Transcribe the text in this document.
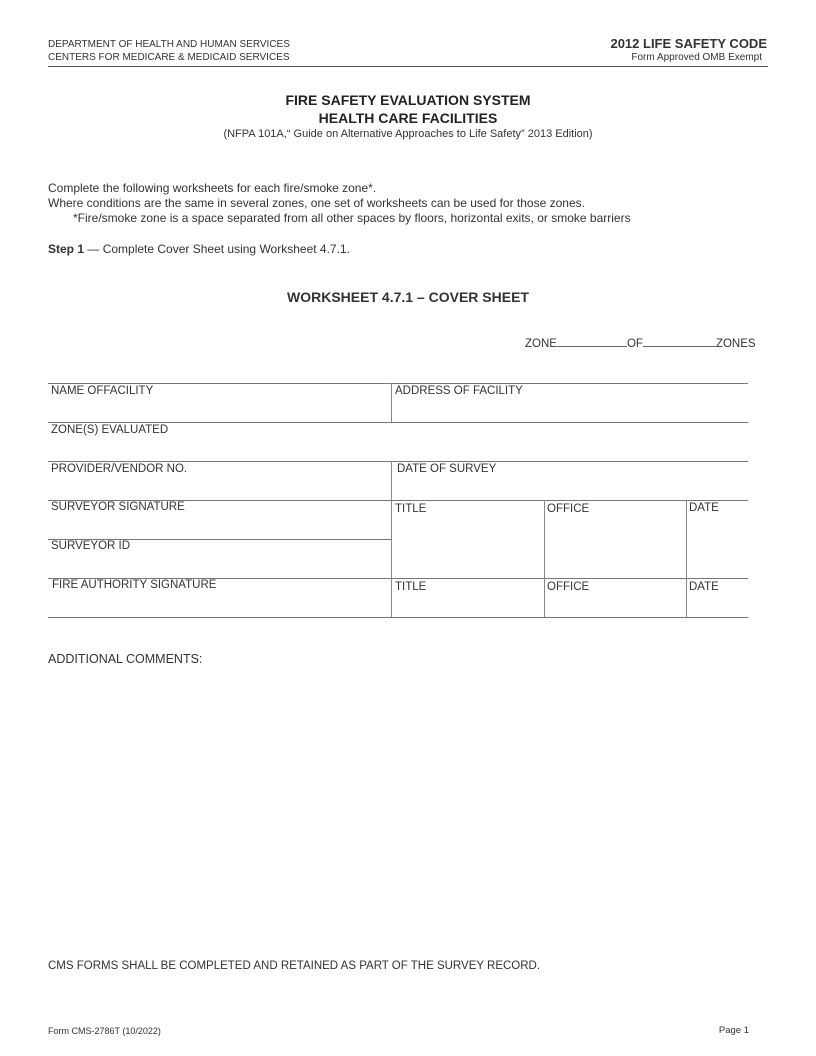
DEPARTMENT OF HEALTH AND HUMAN SERVICES
CENTERS FOR MEDICARE & MEDICAID SERVICES
2012 LIFE SAFETY CODE
Form Approved OMB Exempt
FIRE SAFETY EVALUATION SYSTEM
HEALTH CARE FACILITIES
(NFPA 101A,“ Guide on Alternative Approaches to Life Safety” 2013 Edition)
Complete the following worksheets for each fire/smoke zone*.
Where conditions are the same in several zones, one set of worksheets can be used for those zones.
*Fire/smoke zone is a space separated from all other spaces by floors, horizontal exits, or smoke barriers
Step 1 — Complete Cover Sheet using Worksheet 4.7.1.
WORKSHEET 4.7.1 – COVER SHEET
ZONE	OF	ZONES
NAME OFFACILITY	ADDRESS OF FACILITY
ZONE(S) EVALUATED
PROVIDER/VENDOR NO.	DATE OF SURVEY
SURVEYOR SIGNATURE	TITLE	OFFICE	DATE
SURVEYOR ID
FIRE AUTHORITY SIGNATURE	TITLE	OFFICE	DATE
ADDITIONAL COMMENTS:
CMS FORMS SHALL BE COMPLETED AND RETAINED AS PART OF THE SURVEY RECORD.
Form CMS-2786T (10/2022)	Page 1
